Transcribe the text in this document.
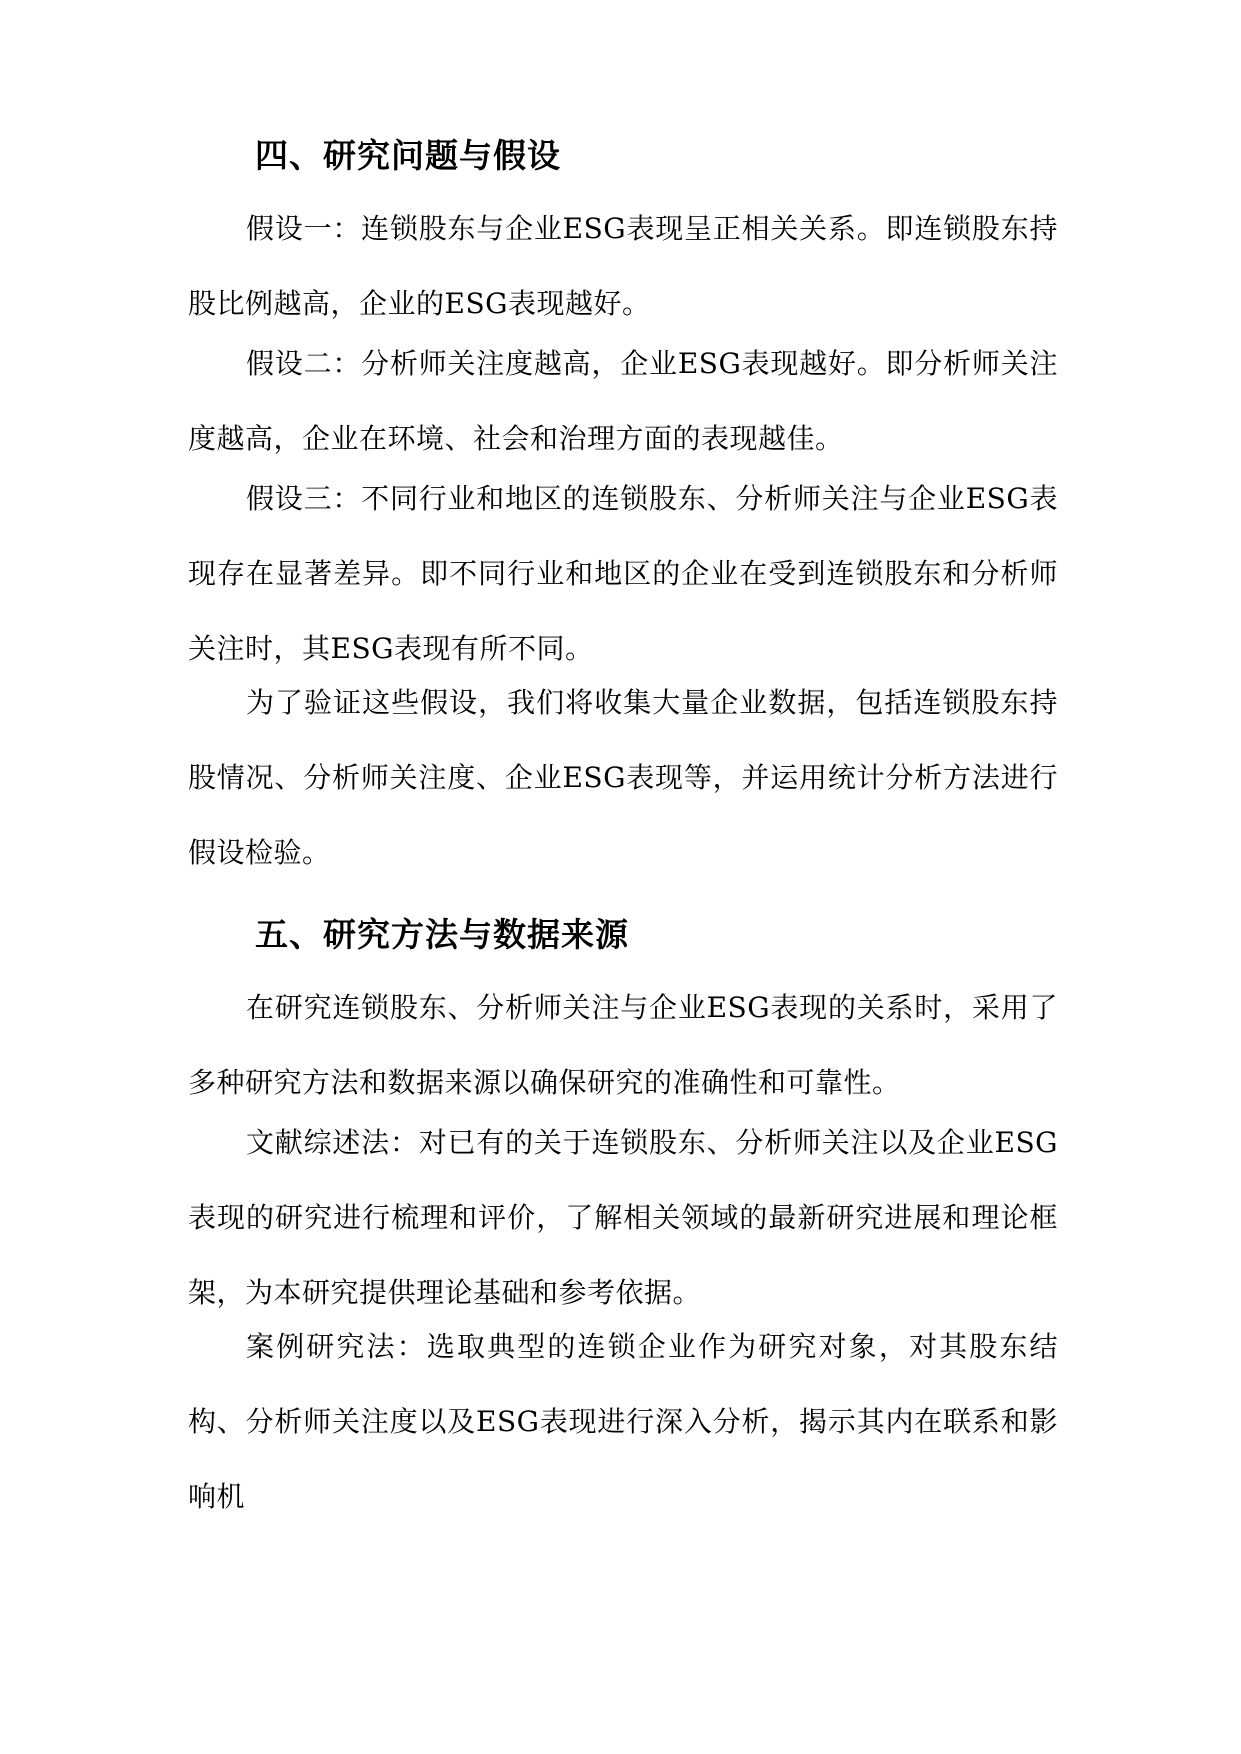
四、研究问题与假设
假设一：连锁股东与企业ESG表现呈正相关关系。即连锁股东持股比例越高，企业的ESG表现越好。
假设二：分析师关注度越高，企业ESG表现越好。即分析师关注度越高，企业在环境、社会和治理方面的表现越佳。
假设三：不同行业和地区的连锁股东、分析师关注与企业ESG表现存在显著差异。即不同行业和地区的企业在受到连锁股东和分析师关注时，其ESG表现有所不同。
为了验证这些假设，我们将收集大量企业数据，包括连锁股东持股情况、分析师关注度、企业ESG表现等，并运用统计分析方法进行假设检验。
五、研究方法与数据来源
在研究连锁股东、分析师关注与企业ESG表现的关系时，采用了多种研究方法和数据来源以确保研究的准确性和可靠性。
文献综述法：对已有的关于连锁股东、分析师关注以及企业ESG表现的研究进行梳理和评价，了解相关领域的最新研究进展和理论框架，为本研究提供理论基础和参考依据。
案例研究法：选取典型的连锁企业作为研究对象，对其股东结构、分析师关注度以及ESG表现进行深入分析，揭示其内在联系和影响机
